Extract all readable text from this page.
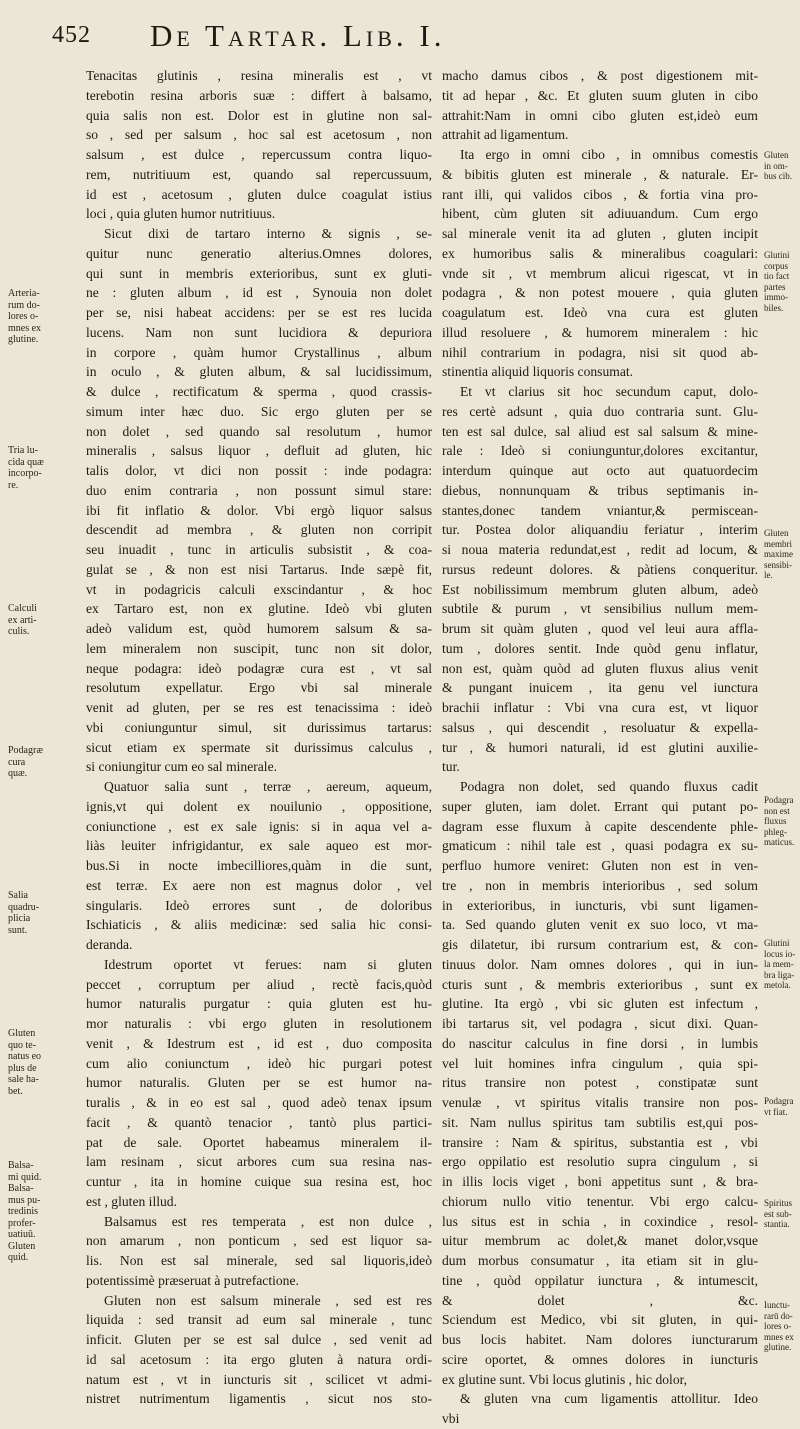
452 De Tartar. Lib. I.
Tenacitas glutinis , resina mineralis est , vt
terebotin resina arboris suæ : differt à balsamo,
quia salis non est. Dolor est in glutine non sal-
so , sed per salsum , hoc sal est acetosum , non
salsum , est dulce , repercussum contra liquo-
rem, nutritiuum est, quando sal repercussuum,
id est , acetosum , gluten dulce coagulat istius
loci , quia gluten humor nutritiuus.
Sicut dixi de tartaro interno & signis , se-
quitur nunc generatio alterius.Omnes dolores,
qui sunt in membris exterioribus, sunt ex gluti-
ne : gluten album , id est , Synouia non dolet
per se, nisi habeat accidens: per se est res lucida
lucens. Nam non sunt lucidiora & depuriora
in corpore , quàm humor Crystallinus , album
in oculo , & gluten album, & sal lucidissimum,
& dulce , rectificatum & sperma , quod crassis-
simum inter hæc duo. Sic ergo gluten per se
non dolet , sed quando sal resolutum , humor
mineralis , salsus liquor , defluit ad gluten, hic
talis dolor, vt dici non possit : inde podagra:
duo enim contraria , non possunt simul stare:
ibi fit inflatio & dolor. Vbi ergò liquor salsus
descendit ad membra , & gluten non corripit
seu inuadit , tunc in articulis subsistit , & coa-
gulat se , & non est nisi Tartarus. Inde sæpè fit,
vt in podagricis calculi exscindantur , & hoc
ex Tartaro est, non ex glutine. Ideò vbi gluten
adeò validum est, quòd humorem salsum & sa-
lem mineralem non suscipit, tunc non sit dolor,
neque podagra: ideò podagræ cura est , vt sal
resolutum expellatur. Ergo vbi sal minerale
venit ad gluten, per se res est tenacissima : ideò
vbi coniunguntur simul, sit durissimus tartarus:
sicut etiam ex spermate sit durissimus calculus ,
si coniungitur cum eo sal minerale.
Quatuor salia sunt , terræ , aereum, aqueum,
ignis,vt qui dolent ex nouilunio , oppositione,
coniunctione , est ex sale ignis: si in aqua vel a-
liàs leuiter infrigidantur, ex sale aqueo est mor-
bus.Si in nocte imbecilliores,quàm in die sunt,
est terræ. Ex aere non est magnus dolor , vel
singularis. Ideò errores sunt , de doloribus
Ischiaticis , & aliis medicinæ: sed salia hic consi-
deranda.
Idestrum oportet vt ferues: nam si gluten
peccet , corruptum per aliud , rectè facis,quòd
humor naturalis purgatur : quia gluten est hu-
mor naturalis : vbi ergo gluten in resolutionem
venit , & Idestrum est , id est , duo composita
cum alio coniunctum , ideò hic purgari potest
humor naturalis. Gluten per se est humor na-
turalis , & in eo est sal , quod adeò tenax ipsum
facit , & quantò tenacior , tantò plus partici-
pat de sale. Oportet habeamus mineralem il-
lam resinam , sicut arbores cum sua resina nas-
cuntur , ita in homine cuique sua resina est, hoc
est , gluten illud.
Balsamus est res temperata , est non dulce ,
non amarum , non ponticum , sed est liquor sa-
lis. Non est sal minerale, sed sal liquoris,ideò
potentissimè præseruat à putrefactione.
Gluten non est salsum minerale , sed est res
liquida : sed transit ad eum sal minerale , tunc
inficit. Gluten per se est sal dulce , sed venit ad
id sal acetosum : ita ergo gluten à natura ordi-
natum est , vt in iuncturis sit , scilicet vt admi-
nistret nutrimentum ligamentis , sicut nos sto-
macho damus cibos , & post digestionem mit-
tit ad hepar , &c. Et gluten suum gluten in cibo
attrahit:Nam in omni cibo gluten est,ideò eum
attrahit ad ligamentum.
Ita ergo in omni cibo , in omnibus comestis
& bibitis gluten est minerale , & naturale. Er-
rant illi, qui validos cibos , & fortia vina pro-
hibent, cùm gluten sit adiuuandum. Cum ergo
sal minerale venit ita ad gluten , gluten incipit
ex humoribus salis & mineralibus coagulari:
vnde sit , vt membrum alicui rigescat, vt in
podagra , & non potest mouere , quia gluten
coagulatum est. Ideò vna cura est gluten
illud resoluere , & humorem mineralem : hic
nihil contrarium in podagra, nisi sit quod ab-
stinentia aliquid liquoris consumat.
Et vt clarius sit hoc secundum caput, dolo-
res certè adsunt , quia duo contraria sunt. Glu-
ten est sal dulce, sal aliud est sal salsum & mine-
rale : Ideò si coniunguntur,dolores excitantur,
interdum quinque aut octo aut quatuordecim
diebus, nonnunquam & tribus septimanis in-
stantes,donec tandem vniantur,& permiscean-
tur. Postea dolor aliquandiu feriatur , interim
si noua materia redundat,est , redit ad locum, &
rursus redeunt dolores. & pàtiens conqueritur.
Est nobilissimum membrum gluten album, adeò
subtile & purum , vt sensibilius nullum mem-
brum sit quàm gluten , quod vel leui aura affla-
tum , dolores sentit. Inde quòd genu inflatur,
non est, quàm quòd ad gluten fluxus alius venit
& pungant inuicem , ita genu vel iunctura
brachii inflatur : Vbi vna cura est, vt liquor
salsus , qui descendit , resoluatur & expella-
tur , & humori naturali, id est glutini auxilie-
tur.
Podagra non dolet, sed quando fluxus cadit
super gluten, iam dolet. Errant qui putant po-
dagram esse fluxum à capite descendente phle-
gmaticum : nihil tale est , quasi podagra ex su-
perfluo humore veniret: Gluten non est in ven-
tre , non in membris interioribus , sed solum
in exterioribus, in iuncturis, vbi sunt ligamen-
ta. Sed quando gluten venit ex suo loco, vt ma-
gis dilatetur, ibi rursum contrarium est, & con-
tinuus dolor. Nam omnes dolores , qui in iun-
cturis sunt , & membris exterioribus , sunt ex
glutine. Ita ergò , vbi sic gluten est infectum ,
ibi tartarus sit, vel podagra , sicut dixi. Quan-
do nascitur calculus in fine dorsi , in lumbis
vel luit homines infra cingulum , quia spi-
ritus transire non potest , constipatæ sunt
venulæ , vt spiritus vitalis transire non pos-
sit. Nam nullus spiritus tam subtilis est,qui pos-
transire : Nam & spiritus, substantia est , vbi
ergo oppilatio est resolutio supra cingulum , si
in illis locis viget , boni appetitus sunt , & bra-
chiorum nullo vitio tenentur. Vbi ergo calcu-
lus situs est in schia , in coxindice , resol-
uitur membrum ac dolet,& manet dolor,vsque
dum morbus consumatur , ita etiam sit in glu-
tine , quòd oppilatur iunctura , & intumescit,
& dolet , &c.
Sciendum est Medico, vbi sit gluten, in qui-
bus locis habitet. Nam dolores iuncturarum
scire oportet, & omnes dolores in iuncturis
ex glutine sunt. Vbi locus glutinis , hic dolor,
& gluten vna cum ligamentis attollitur. Ideo
vbi
Arteria-
rum do-
lores o-
mnes ex
glutine.
Tria lu-
cida quæ
incorpo-
re.
Calculi
ex arti-
culis.
Podagræ
cura
quæ.
Salia
quadru-
plicia
sunt.
Gluten
quo te-
natus eo
plus de
sale ha-
bet.
Balsa-
mi quid.
Balsa-
mus pu-
tredinis
profer-
uatiuū.
Gluten
quid.
Gluten
in om-
bus cib.
Glutini
corpus
tio fact
partes
immo-
biles.
Gluten
membri
maxime
sensibi-
le.
Podagra
non est
fluxus
phleg-
maticus.
Glutini
locus io-
la mem-
bra liga-
metola.
Podagra
vt fiat.
Spiritus
est sub-
stantia.
Iunctu-
rarū do-
lores o-
mnes ex
glutine.
